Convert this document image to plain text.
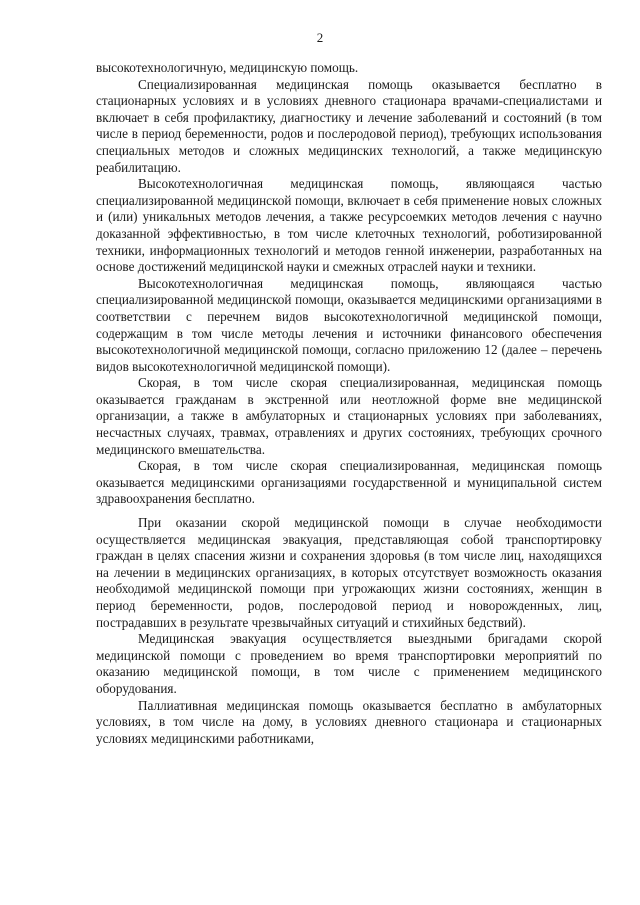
2

высокотехнологичную, медицинскую помощь.

Специализированная медицинская помощь оказывается бесплатно в стационарных условиях и в условиях дневного стационара врачами-специалистами и включает в себя профилактику, диагностику и лечение заболеваний и состояний (в том числе в период беременности, родов и послеродовой период), требующих использования специальных методов и сложных медицинских технологий, а также медицинскую реабилитацию.

Высокотехнологичная медицинская помощь, являющаяся частью специализированной медицинской помощи, включает в себя применение новых сложных и (или) уникальных методов лечения, а также ресурсоемких методов лечения с научно доказанной эффективностью, в том числе клеточных технологий, роботизированной техники, информационных технологий и методов генной инженерии, разработанных на основе достижений медицинской науки и смежных отраслей науки и техники.

Высокотехнологичная медицинская помощь, являющаяся частью специализированной медицинской помощи, оказывается медицинскими организациями в соответствии с перечнем видов высокотехнологичной медицинской помощи, содержащим в том числе методы лечения и источники финансового обеспечения высокотехнологичной медицинской помощи, согласно приложению 12 (далее – перечень видов высокотехнологичной медицинской помощи).

Скорая, в том числе скорая специализированная, медицинская помощь оказывается гражданам в экстренной или неотложной форме вне медицинской организации, а также в амбулаторных и стационарных условиях при заболеваниях, несчастных случаях, травмах, отравлениях и других состояниях, требующих срочного медицинского вмешательства.

Скорая, в том числе скорая специализированная, медицинская помощь оказывается медицинскими организациями государственной и муниципальной систем здравоохранения бесплатно.

При оказании скорой медицинской помощи в случае необходимости осуществляется медицинская эвакуация, представляющая собой транспортировку граждан в целях спасения жизни и сохранения здоровья (в том числе лиц, находящихся на лечении в медицинских организациях, в которых отсутствует возможность оказания необходимой медицинской помощи при угрожающих жизни состояниях, женщин в период беременности, родов, послеродовой период и новорожденных, лиц, пострадавших в результате чрезвычайных ситуаций и стихийных бедствий).

Медицинская эвакуация осуществляется выездными бригадами скорой медицинской помощи с проведением во время транспортировки мероприятий по оказанию медицинской помощи, в том числе с применением медицинского оборудования.

Паллиативная медицинская помощь оказывается бесплатно в амбулаторных условиях, в том числе на дому, в условиях дневного стационара и стационарных условиях медицинскими работниками,
